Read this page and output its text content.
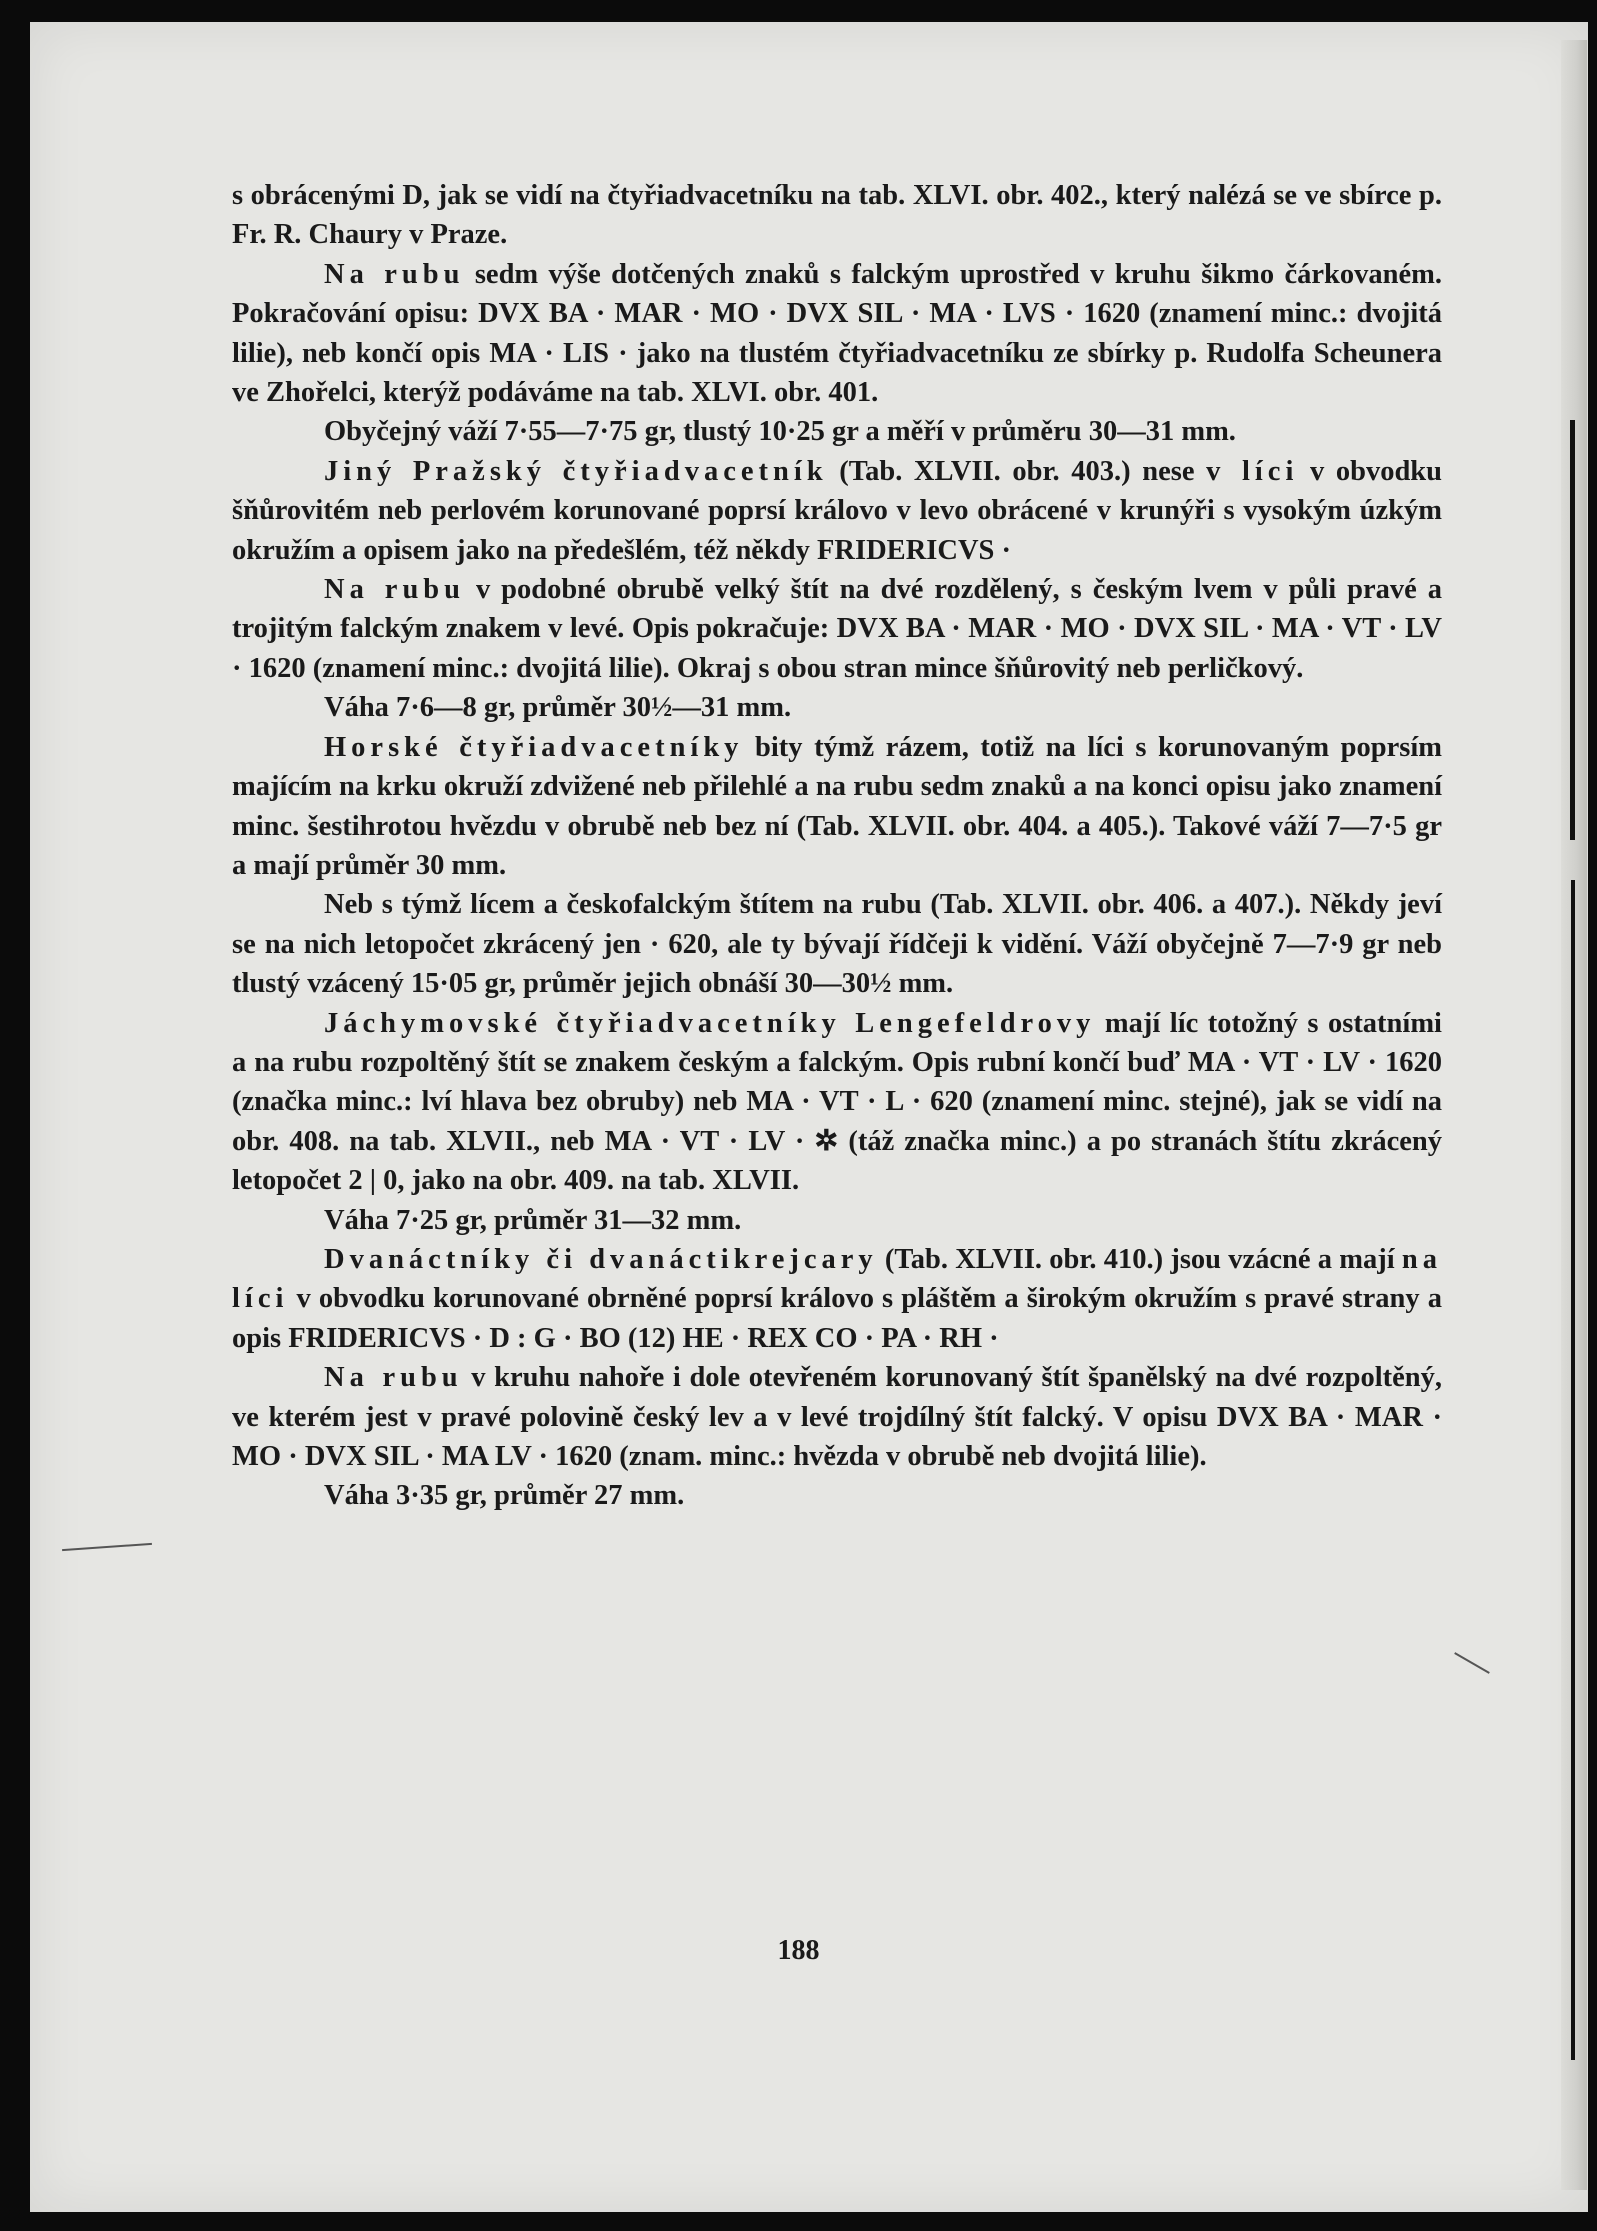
s obrácenými D, jak se vidí na čtyřiadvacetníku na tab. XLVI. obr. 402., který nalézá se ve sbírce p. Fr. R. Chaury v Praze.

Na rubu sedm výše dotčených znaků s falckým uprostřed v kruhu šikmo čárkovaném. Pokračování opisu: DVX BA · MAR · MO · DVX SIL · MA · LVS · 1620 (znamení minc.: dvojitá lilie), neb končí opis MA · LIS · jako na tlustém čtyřiadvacetníku ze sbírky p. Rudolfa Scheunera ve Zhořelci, kterýž podáváme na tab. XLVI. obr. 401.

Obyčejný váží 7·55—7·75 gr, tlustý 10·25 gr a měří v průměru 30—31 mm.

Jiný Pražský čtyřiadvacetník (Tab. XLVII. obr. 403.) nese v líci v obvodku šňůrovitém neb perlovém korunované poprsí královo v levo obrácené v krunýři s vysokým úzkým okružím a opisem jako na předešlém, též někdy FRIDERICVS ·

Na rubu v podobné obrubě velký štít na dvé rozdělený, s českým lvem v půli pravé a trojitým falckým znakem v levé. Opis pokračuje: DVX BA · MAR · MO · DVX SIL · MA · VT · LV · 1620 (znamení minc.: dvojitá lilie). Okraj s obou stran mince šňůrovitý neb perličkový.

Váha 7·6—8 gr, průměr 30½—31 mm.

Horské čtyřiadvacetníky bity týmž rázem, totiž na líci s korunovaným poprsím majícím na krku okruží zdvižené neb přilehlé a na rubu sedm znaků a na konci opisu jako znamení minc. šestihrotou hvězdu v obrubě neb bez ní (Tab. XLVII. obr. 404. a 405.). Takové váží 7—7·5 gr a mají průměr 30 mm.

Neb s týmž lícem a českofalckým štítem na rubu (Tab. XLVII. obr. 406. a 407.). Někdy jeví se na nich letopočet zkrácený jen · 620, ale ty bývají řídčeji k vidění. Váží obyčejně 7—7·9 gr neb tlustý vzácený 15·05 gr, průměr jejich obnáší 30—30½ mm.

Jáchymovské čtyřiadvacetníky Lengefeldrovy mají líc totožný s ostatními a na rubu rozpoltěný štít se znakem českým a falckým. Opis rubní končí buď MA · VT · LV · 1620 (značka minc.: lví hlava bez obruby) neb MA · VT · L · 620 (znamení minc. stejné), jak se vidí na obr. 408. na tab. XLVII., neb MA · VT · LV · ✲ (táž značka minc.) a po stranách štítu zkrácený letopočet 2 | 0, jako na obr. 409. na tab. XLVII.

Váha 7·25 gr, průměr 31—32 mm.

Dvanáctníky či dvanáctikrejcary (Tab. XLVII. obr. 410.) jsou vzácné a mají na líci v obvodku korunované obrněné poprsí královo s pláštěm a širokým okružím s pravé strany a opis FRIDERICVS · D : G · BO (12) HE · REX CO · PA · RH ·

Na rubu v kruhu nahoře i dole otevřeném korunovaný štít španělský na dvé rozpoltěný, ve kterém jest v pravé polovině český lev a v levé trojdílný štít falcký. V opisu DVX BA · MAR · MO · DVX SIL · MA LV · 1620 (znam. minc.: hvězda v obrubě neb dvojitá lilie).

Váha 3·35 gr, průměr 27 mm.

188
